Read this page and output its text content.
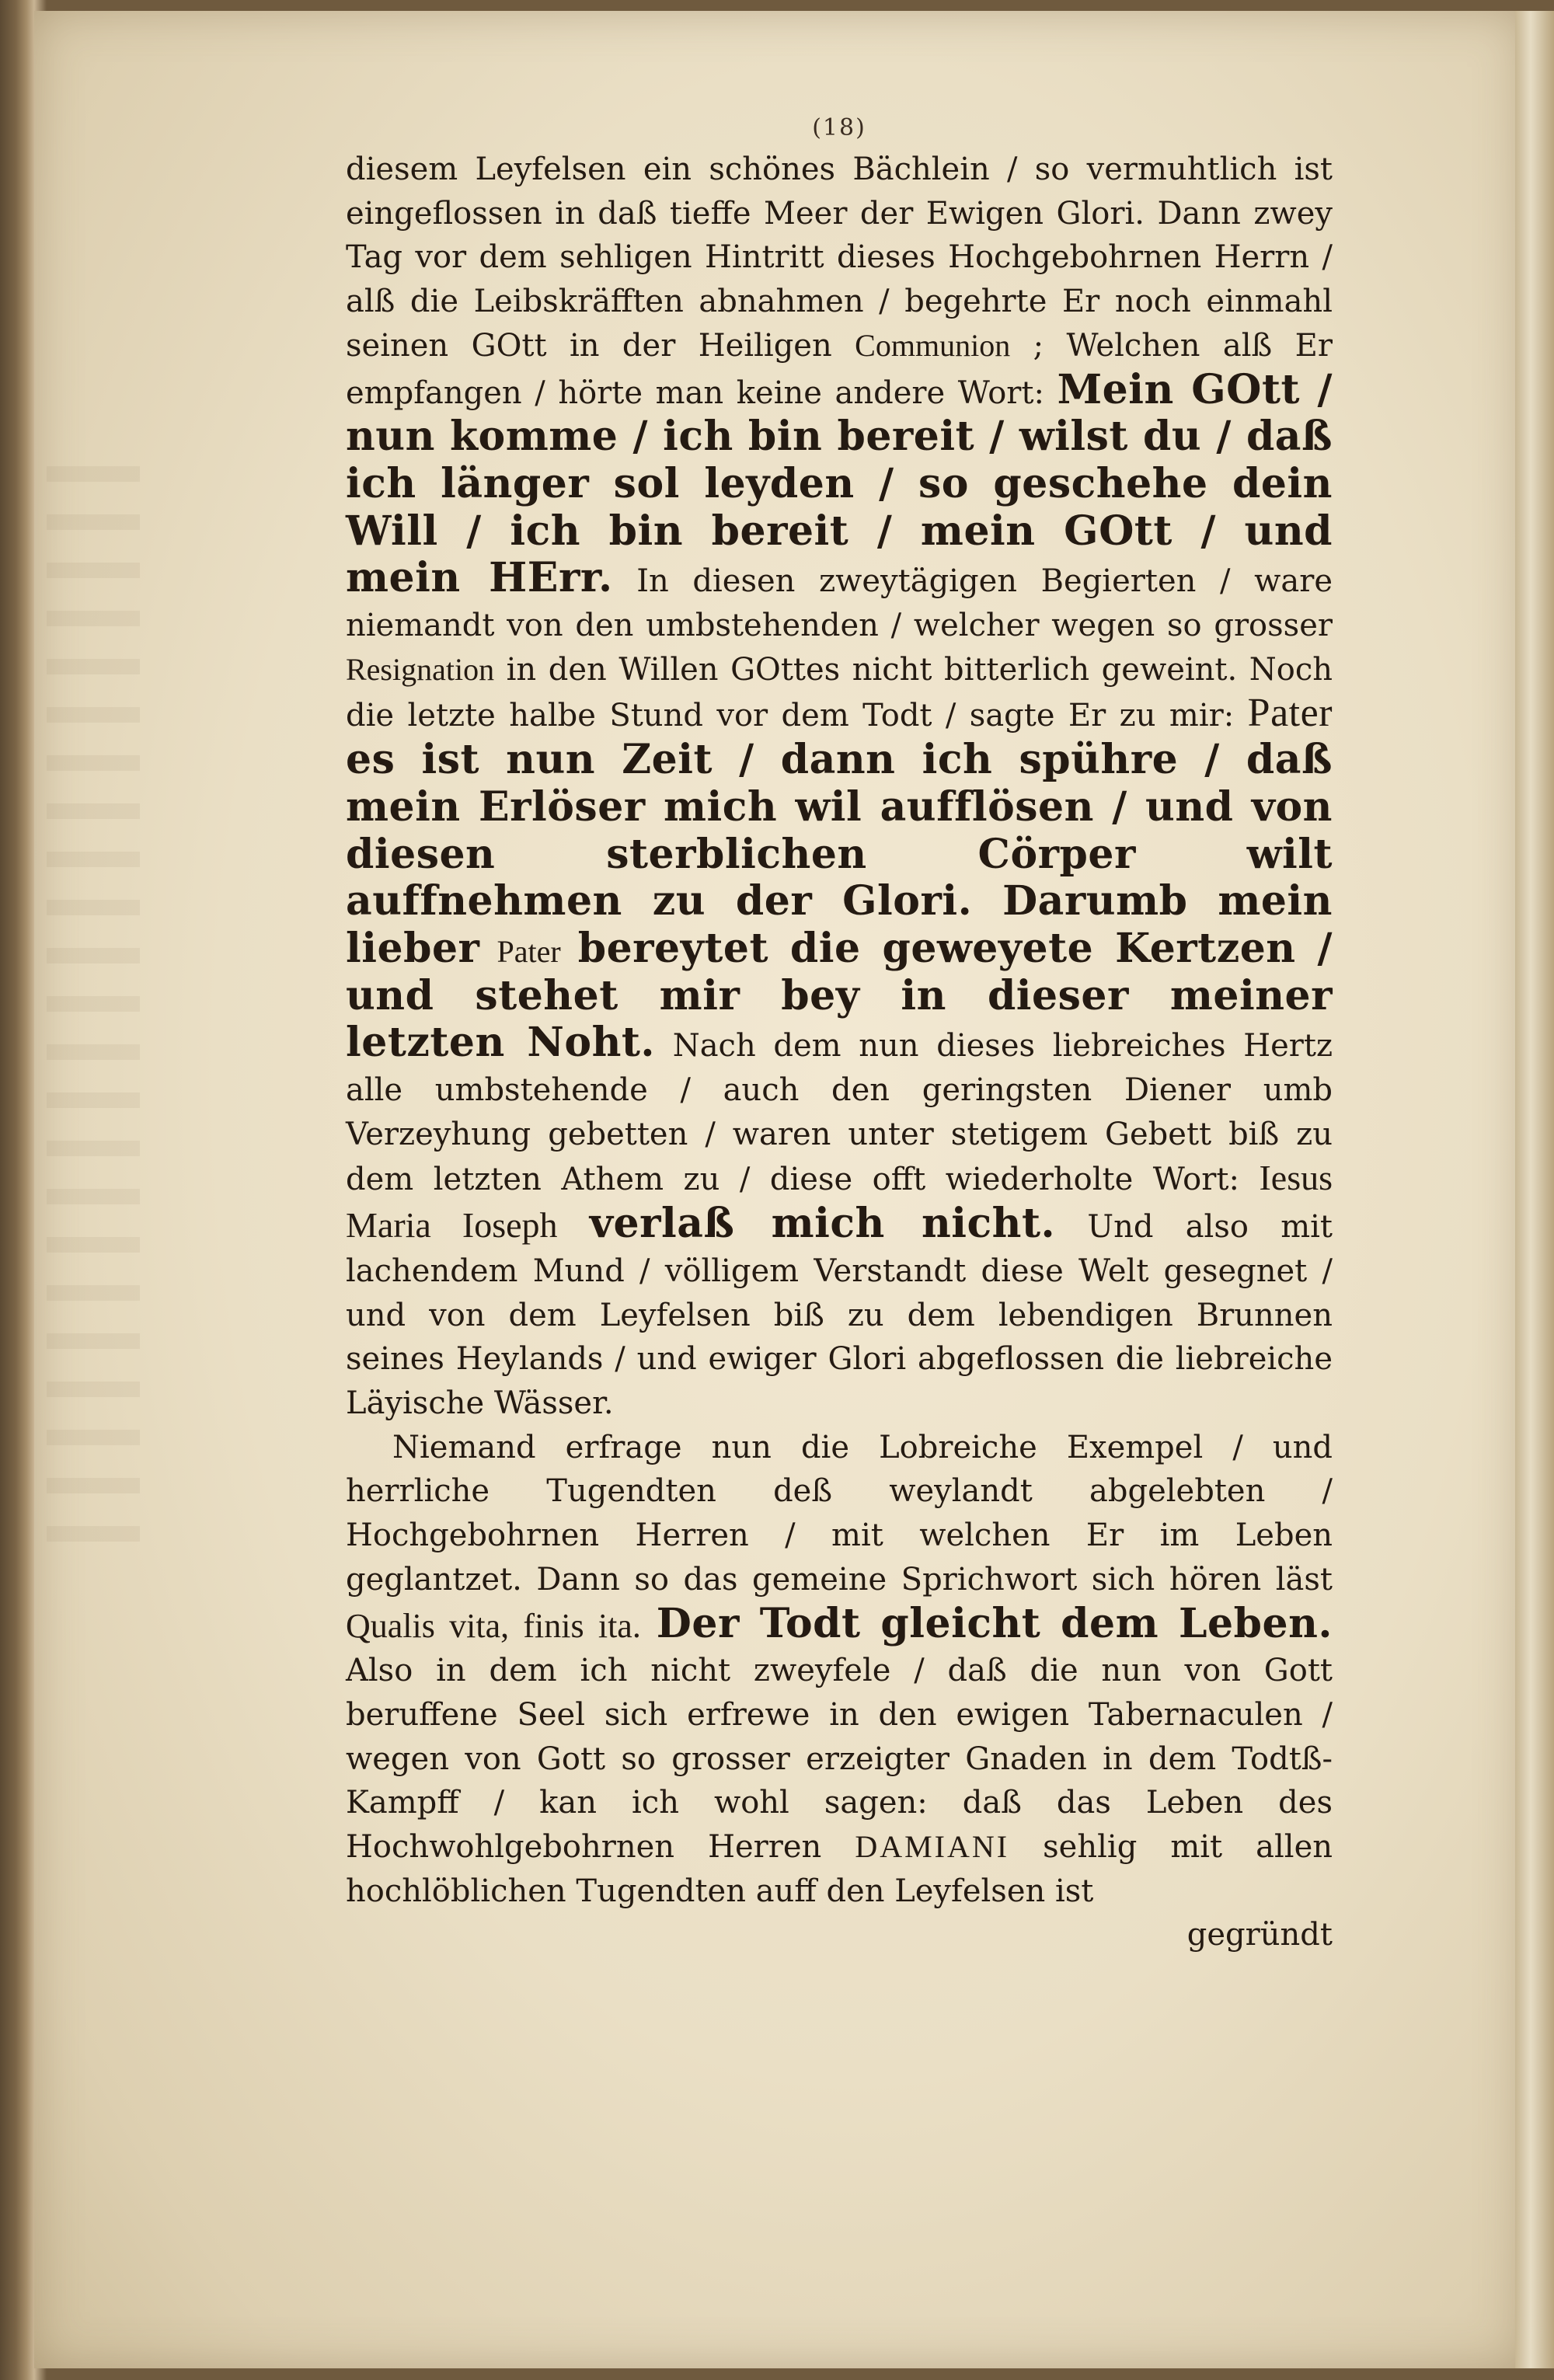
(18)

diesem Leyfelsen ein schönes Bächlein / so vermuhtlich ist eingeflossen in daß tieffe Meer der Ewigen Glori. Dann zwey Tag vor dem sehligen Hintritt dieses Hochgebohrnen Herrn / alß die Leibskräfften abnahmen / begehrte Er noch einmahl seinen GOtt in der Heiligen Communion ; Welchen alß Er empfangen / hörte man keine andere Wort: Mein GOtt / nun komme / ich bin bereit / wilst du / daß ich länger sol leyden / so geschehe dein Will / ich bin bereit / mein GOtt / und mein HErr. In diesen zweytägigen Begierten / ware niemandt von den umbstehenden / welcher wegen so grosser Resignation in den Willen GOttes nicht bitterlich geweint. Noch die letzte halbe Stund vor dem Todt / sagte Er zu mir: Pater es ist nun Zeit / dann ich spühre / daß mein Erlöser mich wil aufflösen / und von diesen sterblichen Cörper wilt auffnehmen zu der Glori. Darumb mein lieber Pater bereytet die geweyete Kertzen / und stehet mir bey in dieser meiner letzten Noht. Nach dem nun dieses liebreiches Hertz alle umbstehende / auch den geringsten Diener umb Verzeyhung gebetten / waren unter stetigem Gebett biß zu dem letzten Athem zu / diese offt wiederholte Wort: Iesus Maria Ioseph verlaß mich nicht. Und also mit lachendem Mund / völligem Verstandt diese Welt gesegnet / und von dem Leyfelsen biß zu dem lebendigen Brunnen seines Heylands / und ewiger Glori abgeflossen die liebreiche Läyische Wässer.

Niemand erfrage nun die Lobreiche Exempel / und herrliche Tugendten deß weylandt abgelebten / Hochgebohrnen Herren / mit welchen Er im Leben geglantzet. Dann so das gemeine Sprichwort sich hören läst Qualis vita, finis ita. Der Todt gleicht dem Leben. Also in dem ich nicht zweyfele / daß die nun von Gott beruffene Seel sich erfrewe in den ewigen Tabernaculen / wegen von Gott so grosser erzeigter Gnaden in dem Todtß-Kampff / kan ich wohl sagen: daß das Leben des Hochwohlgebohrnen Herren DAMIANI sehlig mit allen hochlöblichen Tugendten auff den Leyfelsen ist

gegründt
